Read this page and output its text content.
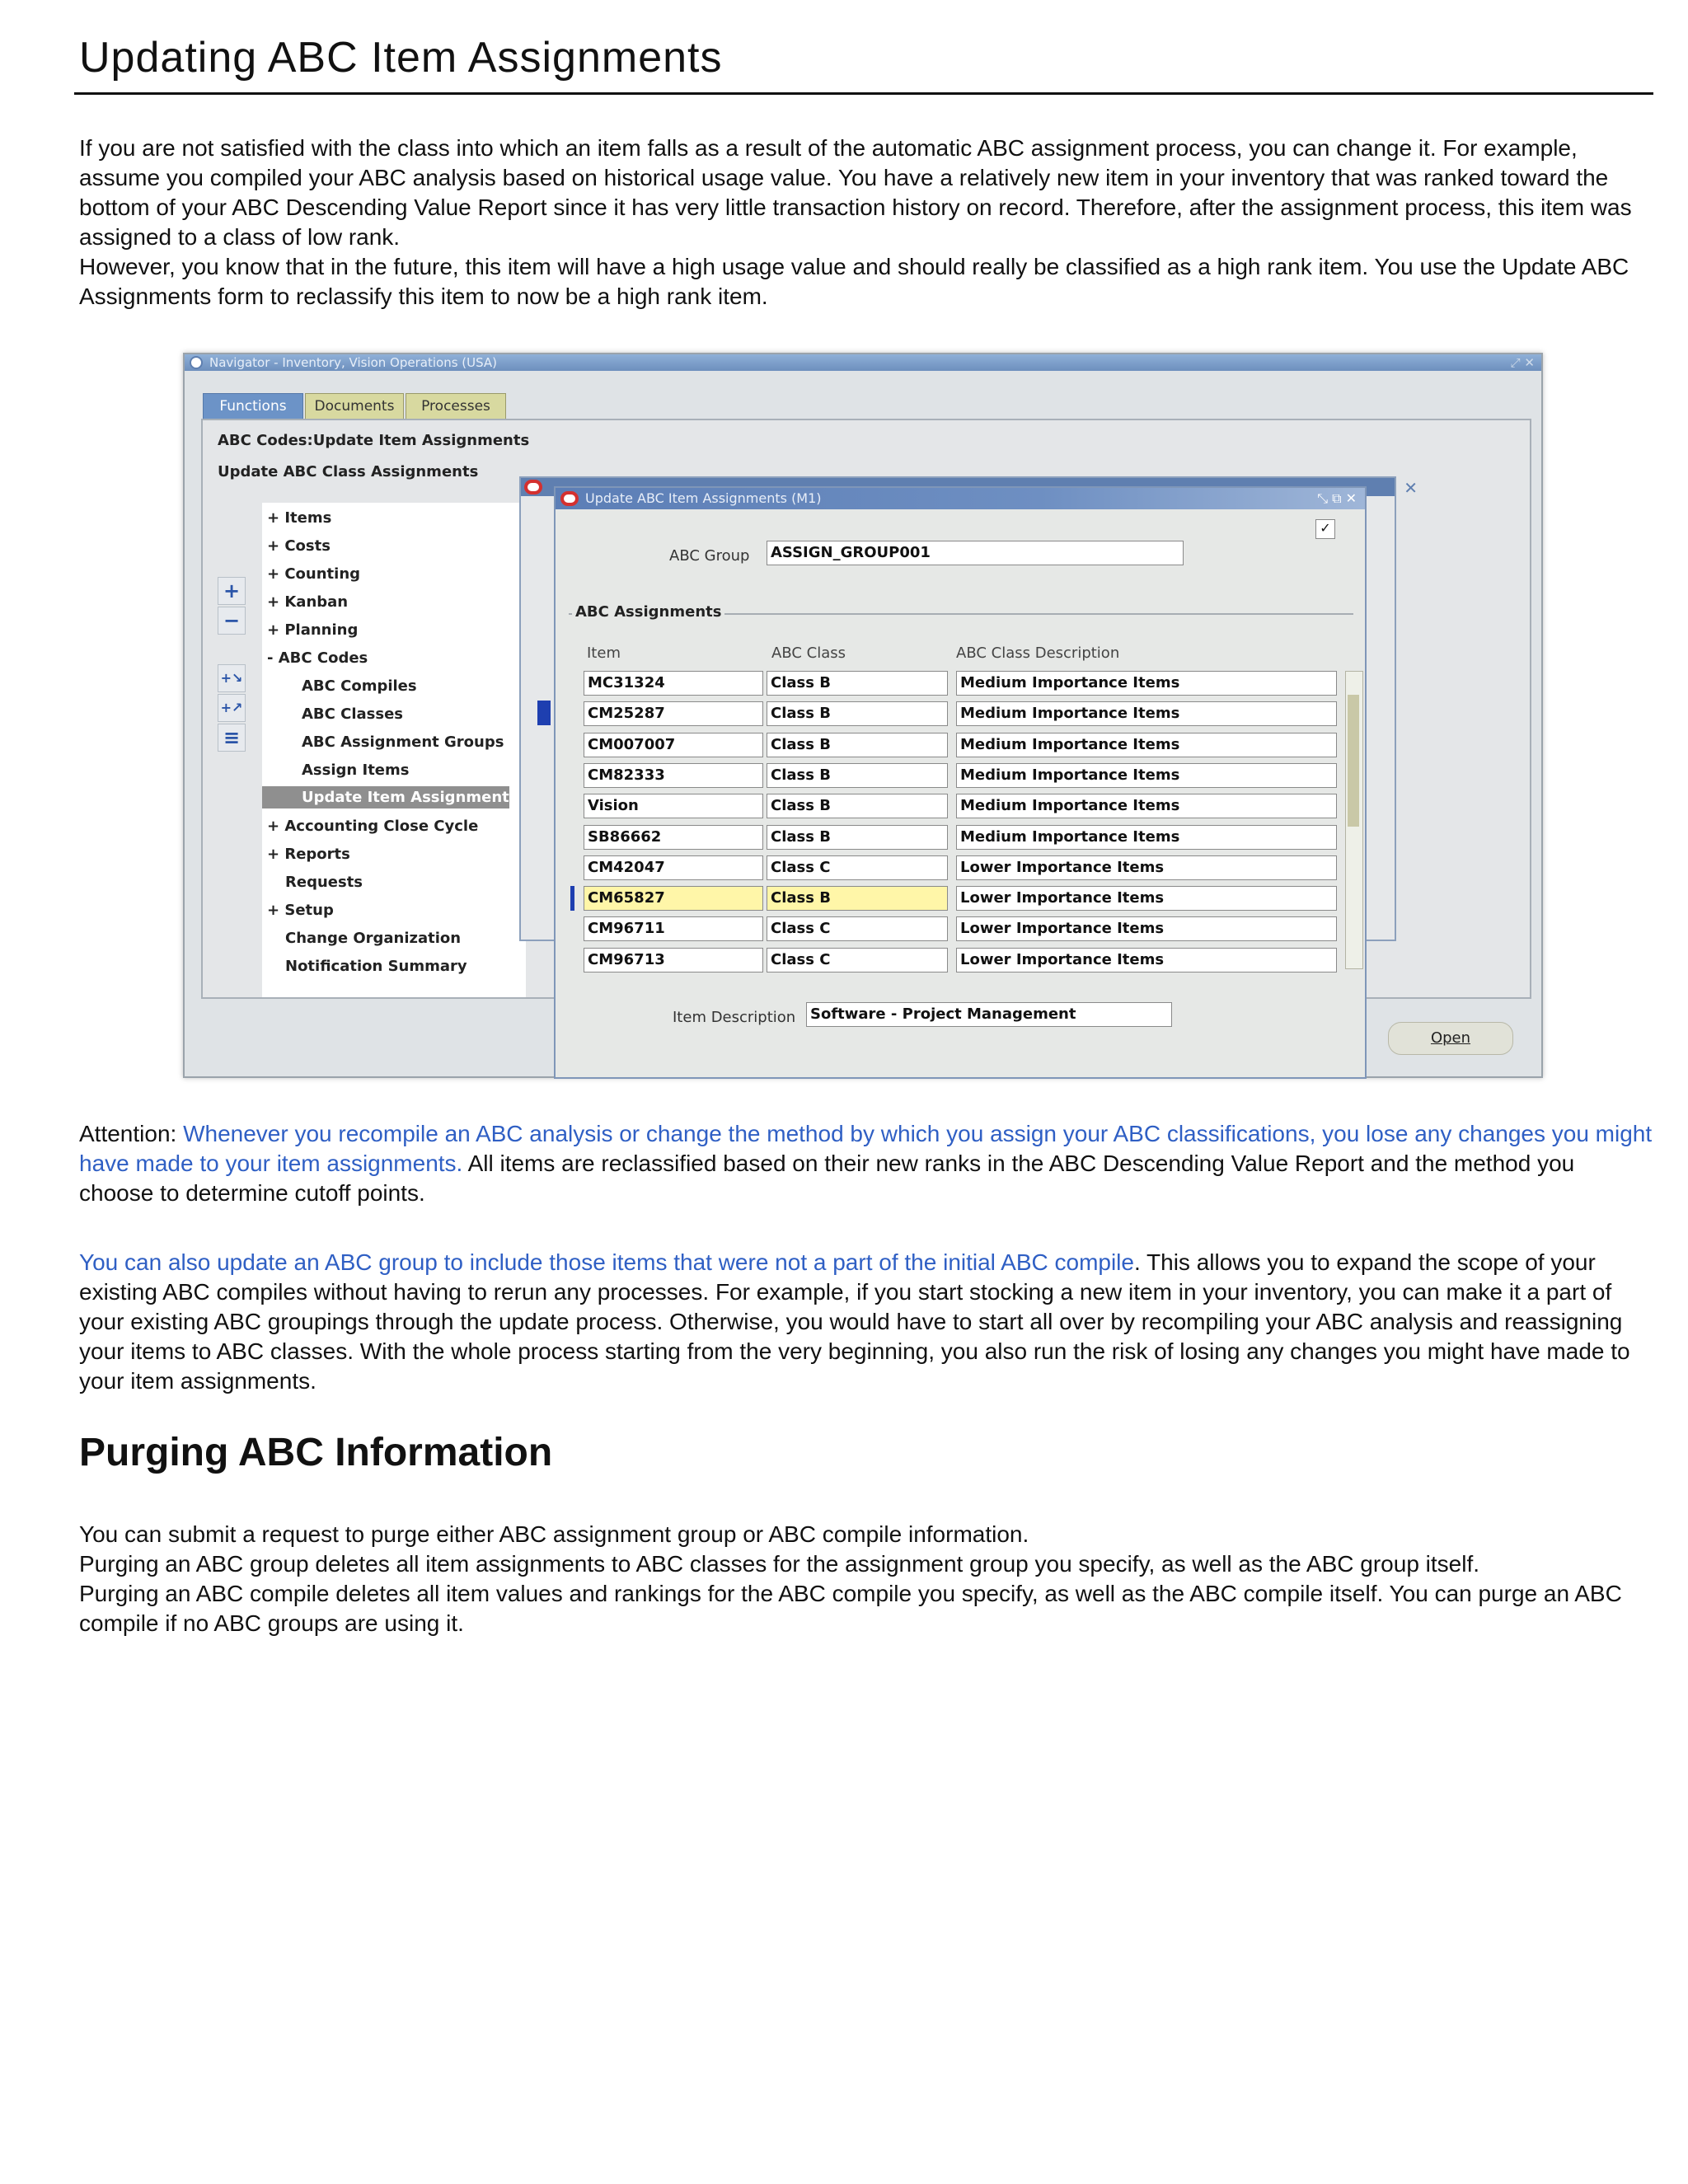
Updating ABC Item Assignments

If you are not satisfied with the class into which an item falls as a result of the automatic ABC assignment process, you can change it. For example, assume you compiled your ABC analysis based on historical usage value. You have a relatively new item in your inventory that was ranked toward the bottom of your ABC Descending Value Report since it has very little transaction history on record. Therefore, after the assignment process, this item was assigned to a class of low rank.

However, you know that in the future, this item will have a high usage value and should really be classified as a high rank item. You use the Update ABC Assignments form to reclassify this item to now be a high rank item.

Attention: Whenever you recompile an ABC analysis or change the method by which you assign your ABC classifications, you lose any changes you might have made to your item assignments. All items are reclassified based on their new ranks in the ABC Descending Value Report and the method you choose to determine cutoff points.

You can also update an ABC group to include those items that were not a part of the initial ABC compile. This allows you to expand the scope of your existing ABC compiles without having to rerun any processes. For example, if you start stocking a new item in your inventory, you can make it a part of your existing ABC groupings through the update process. Otherwise, you would have to start all over by recompiling your ABC analysis and reassigning your items to ABC classes. With the whole process starting from the very beginning, you also run the risk of losing any changes you might have made to your item assignments.

Purging ABC Information

You can submit a request to purge either ABC assignment group or ABC compile information.

Purging an ABC group deletes all item assignments to ABC classes for the assignment group you specify, as well as the ABC group itself.

Purging an ABC compile deletes all item values and rankings for the ABC compile you specify, as well as the ABC compile itself. You can purge an ABC compile if no ABC groups are using it.

Navigator - Inventory, Vision Operations (USA)	⤢ ✕
Functions	Documents	Processes
ABC Codes:Update Item Assignments
Update ABC Class Assignments
+
−
+↘
+↗
≡
+ Items
+ Costs
+ Counting
+ Kanban
+ Planning
- ABC Codes
ABC Compiles
ABC Classes
ABC Assignment Groups
Assign Items
Update Item Assignments
+ Accounting Close Cycle
+ Reports
Requests
+ Setup
Change Organization
Notification Summary
✕
Open
Update ABC Item Assignments (M1)	⤡ ⧉ ✕
✓
ABC Group ASSIGN_GROUP001
ABC Assignments
Item	ABC Class	ABC Class Description
MC31324	Class B	Medium Importance Items
CM25287	Class B	Medium Importance Items
CM007007	Class B	Medium Importance Items
CM82333	Class B	Medium Importance Items
Vision	Class B	Medium Importance Items
SB86662	Class B	Medium Importance Items
CM42047	Class C	Lower Importance Items
CM65827	Class B	Lower Importance Items
CM96711	Class C	Lower Importance Items
CM96713	Class C	Lower Importance Items
Item Description Software - Project Management
